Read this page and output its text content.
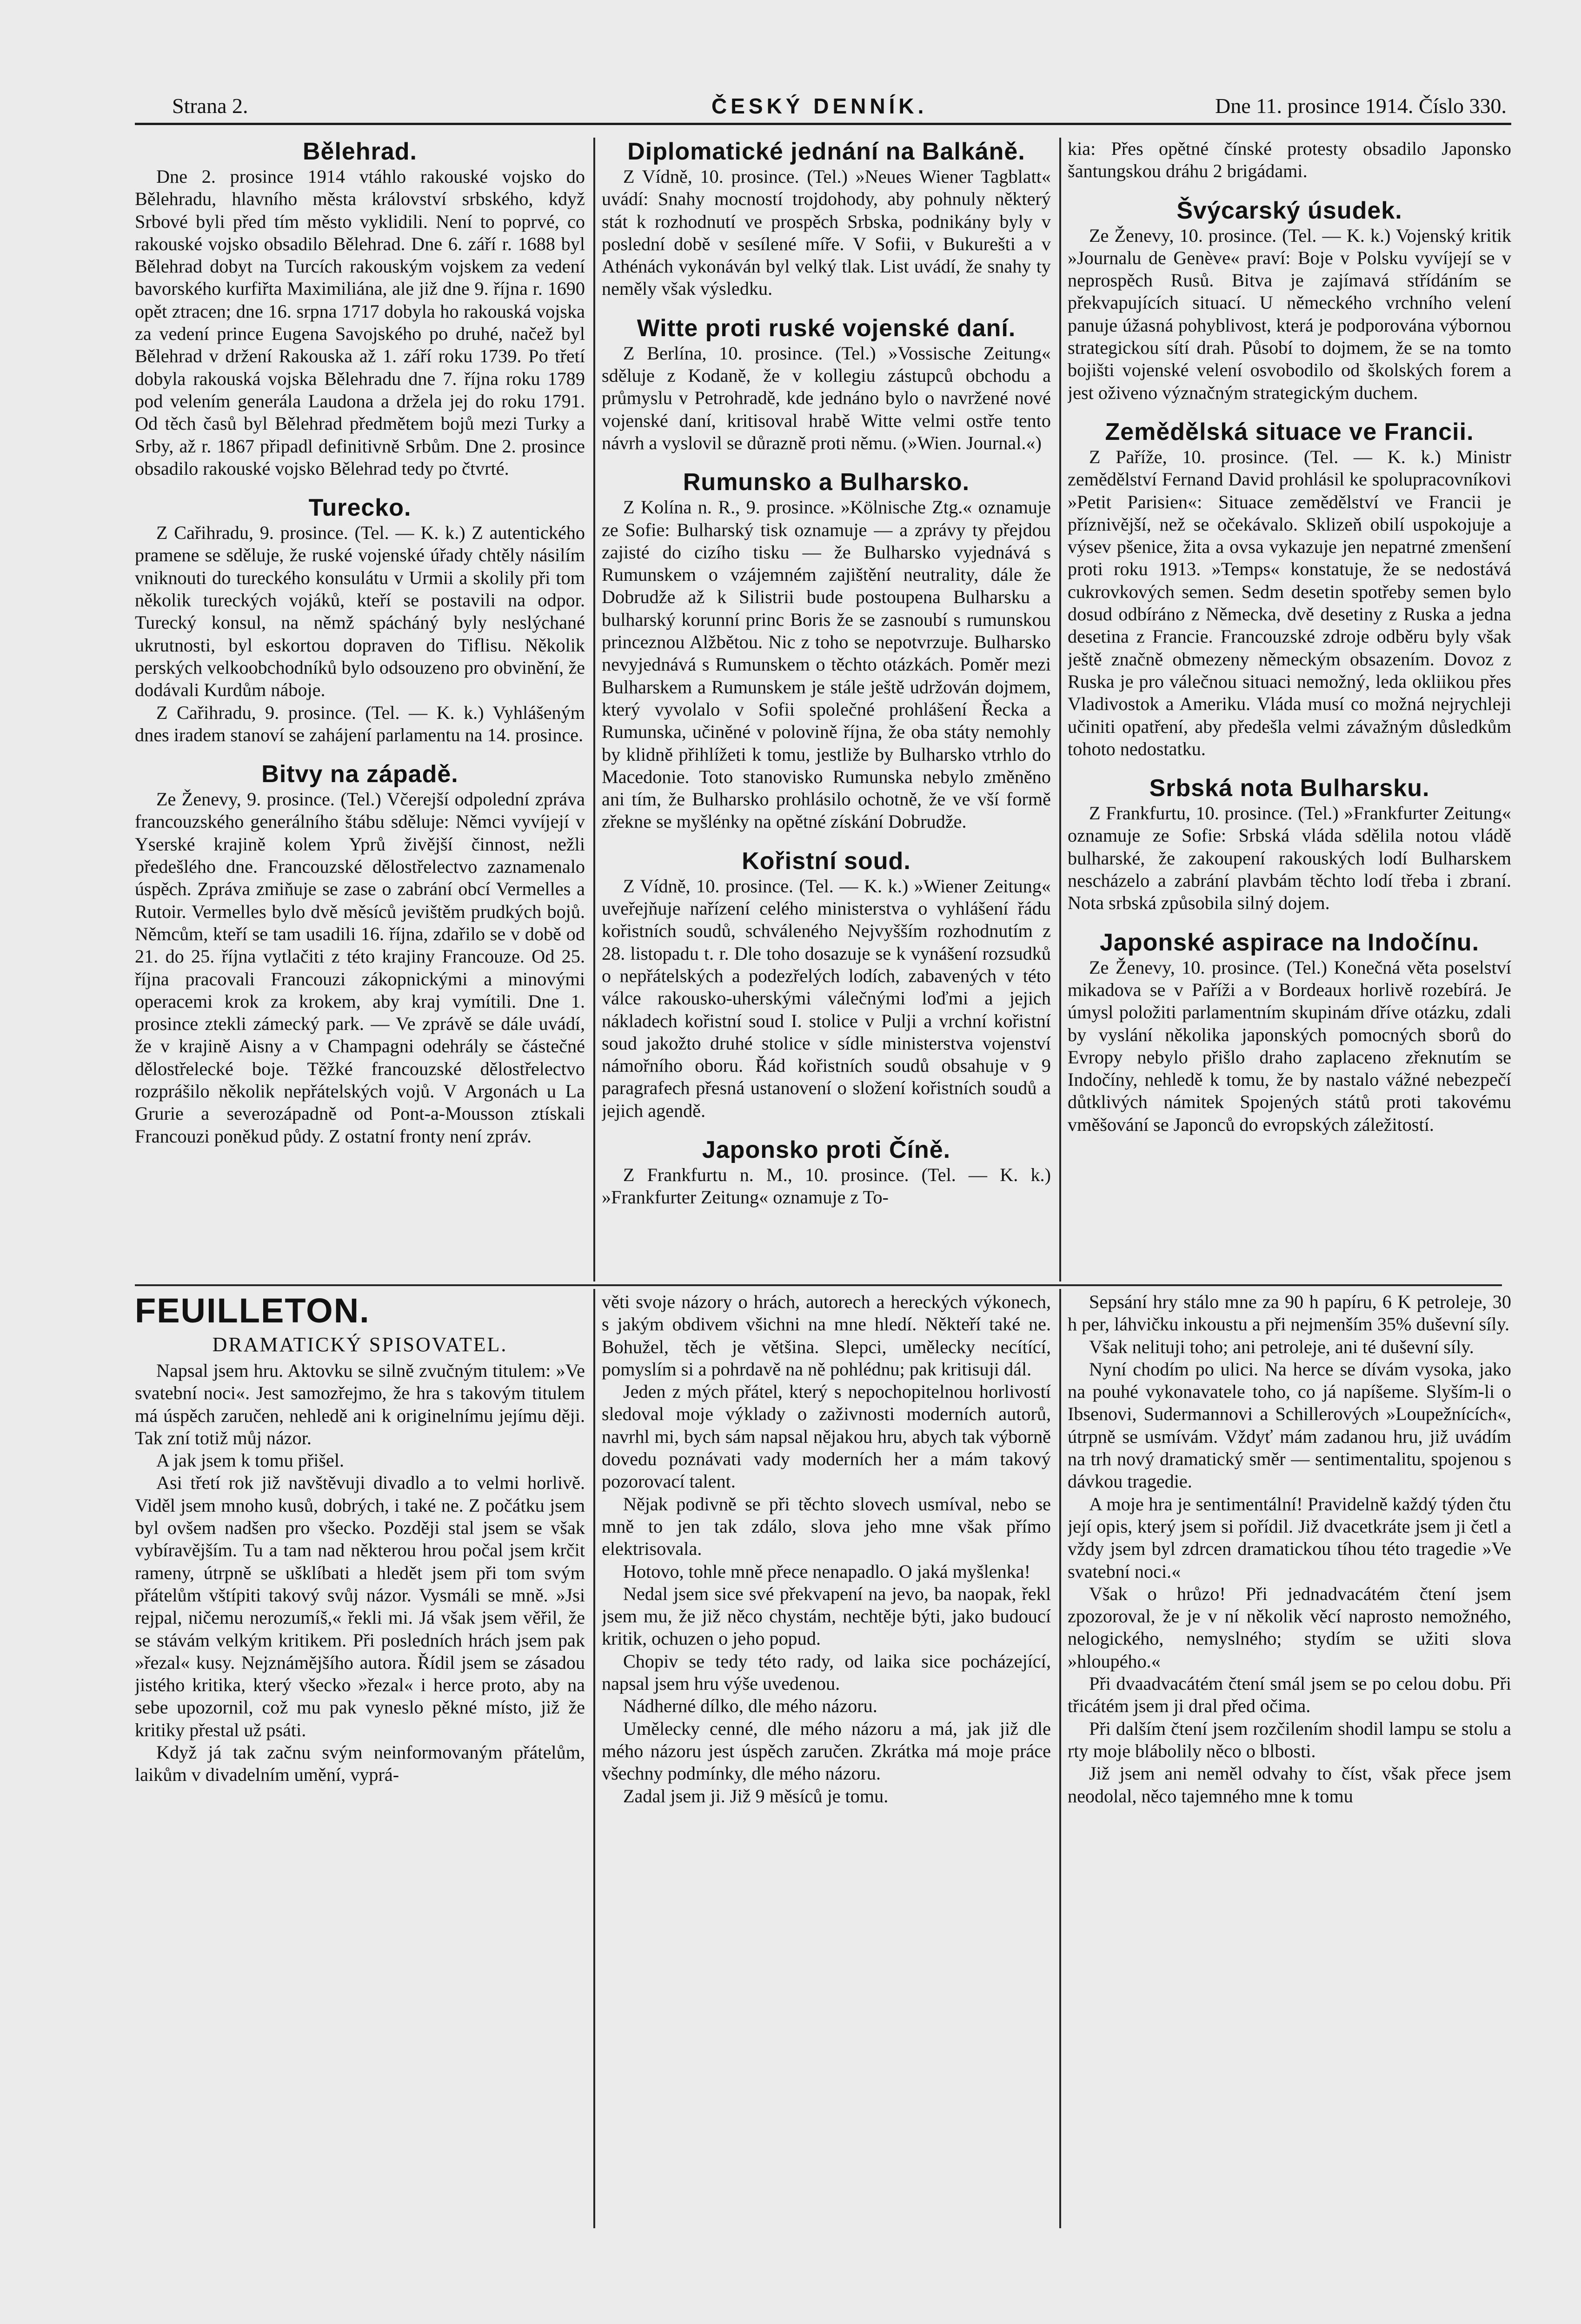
Strana 2.	ČESKÝ DENNÍK.	Dne 11. prosince 1914. Číslo 330.
Bělehrad.

Dne 2. prosince 1914 vtáhlo rakouské vojsko do Bělehradu, hlavního města království srbského, když Srbové byli před tím město vyklidili. Není to poprvé, co rakouské vojsko obsadilo Bělehrad. Dne 6. září r. 1688 byl Bělehrad dobyt na Turcích rakouským vojskem za vedení bavorského kurfiřta Maximiliána, ale již dne 9. října r. 1690 opět ztracen; dne 16. srpna 1717 dobyla ho rakouská vojska za vedení prince Eugena Savojského po druhé, načež byl Bělehrad v držení Rakouska až 1. září roku 1739. Po třetí dobyla rakouská vojska Bělehradu dne 7. října roku 1789 pod velením generála Laudona a držela jej do roku 1791. Od těch časů byl Bělehrad předmětem bojů mezi Turky a Srby, až r. 1867 připadl definitivně Srbům. Dne 2. prosince obsadilo rakouské vojsko Bělehrad tedy po čtvrté.

Turecko.

Z Cařihradu, 9. prosince. (Tel. — K. k.) Z autentického pramene se sděluje, že ruské vojenské úřady chtěly násilím vniknouti do tureckého konsulátu v Urmii a skolily při tom několik tureckých vojáků, kteří se postavili na odpor. Turecký konsul, na němž spácháný byly neslýchané ukrutnosti, byl eskortou dopraven do Tiflisu. Několik perských velkoobchodníků bylo odsouzeno pro obvinění, že dodávali Kurdům náboje.

Z Cařihradu, 9. prosince. (Tel. — K. k.) Vyhlášeným dnes iradem stanoví se zahájení parlamentu na 14. prosince.

Bitvy na západě.

Ze Ženevy, 9. prosince. (Tel.) Včerejší odpolední zpráva francouzského generálního štábu sděluje: Němci vyvíjejí v Yserské krajině kolem Yprů živější činnost, nežli předešlého dne. Francouzské dělostřelectvo zaznamenalo úspěch. Zpráva zmiňuje se zase o zabrání obcí Vermelles a Rutoir. Vermelles bylo dvě měsíců jevištěm prudkých bojů. Němcům, kteří se tam usadili 16. října, zdařilo se v době od 21. do 25. října vytlačiti z této krajiny Francouze. Od 25. října pracovali Francouzi zákopnickými a minovými operacemi krok za krokem, aby kraj vymítili. Dne 1. prosince ztekli zámecký park. — Ve zprávě se dále uvádí, že v krajině Aisny a v Champagni odehrály se částečné dělostřelecké boje. Těžké francouzské dělostřelectvo rozprášilo několik nepřátelských vojů. V Argonách u La Grurie a severozápadně od Pont-a-Mousson ztískali Francouzi poněkud půdy. Z ostatní fronty není zpráv.

Diplomatické jednání na Balkáně.

Z Vídně, 10. prosince. (Tel.) »Neues Wiener Tagblatt« uvádí: Snahy mocností trojdohody, aby pohnuly některý stát k rozhodnutí ve prospěch Srbska, podnikány byly v poslední době v sesílené míře. V Sofii, v Bukurešti a v Athénách vykonáván byl velký tlak. List uvádí, že snahy ty neměly však výsledku.

Witte proti ruské vojenské daní.

Z Berlína, 10. prosince. (Tel.) »Vossische Zeitung« sděluje z Kodaně, že v kollegiu zástupců obchodu a průmyslu v Petrohradě, kde jednáno bylo o navržené nové vojenské daní, kritisoval hrabě Witte velmi ostře tento návrh a vyslovil se důrazně proti němu. (»Wien. Journal.«)

Rumunsko a Bulharsko.

Z Kolína n. R., 9. prosince. »Kölnische Ztg.« oznamuje ze Sofie: Bulharský tisk oznamuje — a zprávy ty přejdou zajisté do cizího tisku — že Bulharsko vyjednává s Rumunskem o vzájemném zajištění neutrality, dále že Dobrudže až k Silistrii bude postoupena Bulharsku a bulharský korunní princ Boris že se zasnoubí s rumunskou princeznou Alžbětou. Nic z toho se nepotvrzuje. Bulharsko nevyjednává s Rumunskem o těchto otázkách. Poměr mezi Bulharskem a Rumunskem je stále ještě udržován dojmem, který vyvolalo v Sofii společné prohlášení Řecka a Rumunska, učiněné v polovině října, že oba státy nemohly by klidně přihlížeti k tomu, jestliže by Bulharsko vtrhlo do Macedonie. Toto stanovisko Rumunska nebylo změněno ani tím, že Bulharsko prohlásilo ochotně, že ve vší formě zřekne se myšlénky na opětné získání Dobrudže.

Kořistní soud.

Z Vídně, 10. prosince. (Tel. — K. k.) »Wiener Zeitung« uveřejňuje nařízení celého ministerstva o vyhlášení řádu kořistních soudů, schváleného Nejvyšším rozhodnutím z 28. listopadu t. r. Dle toho dosazuje se k vynášení rozsudků o nepřátelských a podezřelých lodích, zabavených v této válce rakousko-uherskými válečnými loďmi a jejich nákladech kořistní soud I. stolice v Pulji a vrchní kořistní soud jakožto druhé stolice v sídle ministerstva vojenství námořního oboru. Řád kořistních soudů obsahuje v 9 paragrafech přesná ustanovení o složení kořistních soudů a jejich agendě.

Japonsko proti Číně.

Z Frankfurtu n. M., 10. prosince. (Tel. — K. k.) »Frankfurter Zeitung« oznamuje z To-

kia: Přes opětné čínské protesty obsadilo Japonsko šantungskou dráhu 2 brigádami.

Švýcarský úsudek.

Ze Ženevy, 10. prosince. (Tel. — K. k.) Vojenský kritik »Journalu de Genève« praví: Boje v Polsku vyvíjejí se v neprospěch Rusů. Bitva je zajímavá střídáním se překvapujících situací. U německého vrchního velení panuje úžasná pohyblivost, která je podporována výbornou strategickou sítí drah. Působí to dojmem, že se na tomto bojišti vojenské velení osvobodilo od školských forem a jest oživeno význačným strategickým duchem.

Zemědělská situace ve Francii.

Z Paříže, 10. prosince. (Tel. — K. k.) Ministr zemědělství Fernand David prohlásil ke spolupracovníkovi »Petit Parisien«: Situace zemědělství ve Francii je příznivější, než se očekávalo. Sklizeň obilí uspokojuje a výsev pšenice, žita a ovsa vykazuje jen nepatrné zmenšení proti roku 1913. »Temps« konstatuje, že se nedostává cukrovkových semen. Sedm desetin spotřeby semen bylo dosud odbíráno z Německa, dvě desetiny z Ruska a jedna desetina z Francie. Francouzské zdroje odběru byly však ještě značně obmezeny německým obsazením. Dovoz z Ruska je pro válečnou situaci nemožný, leda okliikou přes Vladivostok a Ameriku. Vláda musí co možná nejrychleji učiniti opatření, aby předešla velmi závažným důsledkům tohoto nedostatku.

Srbská nota Bulharsku.

Z Frankfurtu, 10. prosince. (Tel.) »Frankfurter Zeitung« oznamuje ze Sofie: Srbská vláda sdělila notou vládě bulharské, že zakoupení rakouských lodí Bulharskem nescházelo a zabrání plavbám těchto lodí třeba i zbraní. Nota srbská způsobila silný dojem.

Japonské aspirace na Indočínu.

Ze Ženevy, 10. prosince. (Tel.) Konečná věta poselství mikadova se v Paříži a v Bordeaux horlivě rozebírá. Je úmysl položiti parlamentním skupinám dříve otázku, zdali by vyslání několika japonských pomocných sborů do Evropy nebylo přišlo draho zaplaceno zřeknutím se Indočíny, nehledě k tomu, že by nastalo vážné nebezpečí důtklivých námitek Spojených států proti takovému vměšování se Japonců do evropských záležitostí.

FEUILLETON.
DRAMATICKÝ SPISOVATEL.

Napsal jsem hru. Aktovku se silně zvučným titulem: »Ve svatební noci«. Jest samozřejmo, že hra s takovým titulem má úspěch zaručen, nehledě ani k originelnímu jejímu ději. Tak zní totiž můj názor.

A jak jsem k tomu přišel.

Asi třetí rok již navštěvuji divadlo a to velmi horlivě. Viděl jsem mnoho kusů, dobrých, i také ne. Z počátku jsem byl ovšem nadšen pro všecko. Později stal jsem se však vybíravějším. Tu a tam nad některou hrou počal jsem krčit rameny, útrpně se ušklíbati a hledět jsem při tom svým přátelům vštípiti takový svůj názor. Vysmáli se mně. »Jsi rejpal, ničemu nerozumíš,« řekli mi. Já však jsem věřil, že se stávám velkým kritikem. Při posledních hrách jsem pak »řezal« kusy. Nejznámějšího autora. Řídil jsem se zásadou jistého kritika, který všecko »řezal« i herce proto, aby na sebe upozornil, což mu pak vyneslo pěkné místo, již že kritiky přestal už psáti.

Když já tak začnu svým neinformovaným přátelům, laikům v divadelním umění, vyprá-

věti svoje názory o hrách, autorech a hereckých výkonech, s jakým obdivem všichni na mne hledí. Někteří také ne. Bohužel, těch je většina. Slepci, umělecky necítící, pomyslím si a pohrdavě na ně pohlédnu; pak kritisuji dál.

Jeden z mých přátel, který s nepochopitelnou horlivostí sledoval moje výklady o zaživnosti moderních autorů, navrhl mi, bych sám napsal nějakou hru, abych tak výborně dovedu poznávati vady moderních her a mám takový pozorovací talent.

Nějak podivně se při těchto slovech usmíval, nebo se mně to jen tak zdálo, slova jeho mne však přímo elektrisovala.

Hotovo, tohle mně přece nenapadlo. O jaká myšlenka!

Nedal jsem sice své překvapení na jevo, ba naopak, řekl jsem mu, že již něco chystám, nechtěje býti, jako budoucí kritik, ochuzen o jeho popud.

Chopiv se tedy této rady, od laika sice pocházející, napsal jsem hru výše uvedenou.

Nádherné dílko, dle mého názoru.

Umělecky cenné, dle mého názoru a má, jak již dle mého názoru jest úspěch zaručen. Zkrátka má moje práce všechny podmínky, dle mého názoru.

Zadal jsem ji. Již 9 měsíců je tomu.

Sepsání hry stálo mne za 90 h papíru, 6 K petroleje, 30 h per, láhvičku inkoustu a při nejmenším 35% duševní síly.

Však nelituji toho; ani petroleje, ani té duševní síly.

Nyní chodím po ulici. Na herce se dívám vysoka, jako na pouhé vykonavatele toho, co já napíšeme. Slyším-li o Ibsenovi, Sudermannovi a Schillerových »Loupežnících«, útrpně se usmívám. Vždyť mám zadanou hru, již uvádím na trh nový dramatický směr — sentimentalitu, spojenou s dávkou tragedie.

A moje hra je sentimentální! Pravidelně každý týden čtu její opis, který jsem si pořídil. Již dvacetkráte jsem ji četl a vždy jsem byl zdrcen dramatickou tíhou této tragedie »Ve svatební noci.«

Však o hrůzo! Při jednadvacátém čtení jsem zpozoroval, že je v ní několik věcí naprosto nemožného, nelogického, nemyslného; stydím se užiti slova »hloupého.«

Při dvaadvacátém čtení smál jsem se po celou dobu. Při třicátém jsem ji dral před očima.

Při dalším čtení jsem rozčilením shodil lampu se stolu a rty moje blábolily něco o blbosti.

Již jsem ani neměl odvahy to číst, však přece jsem neodolal, něco tajemného mne k tomu
